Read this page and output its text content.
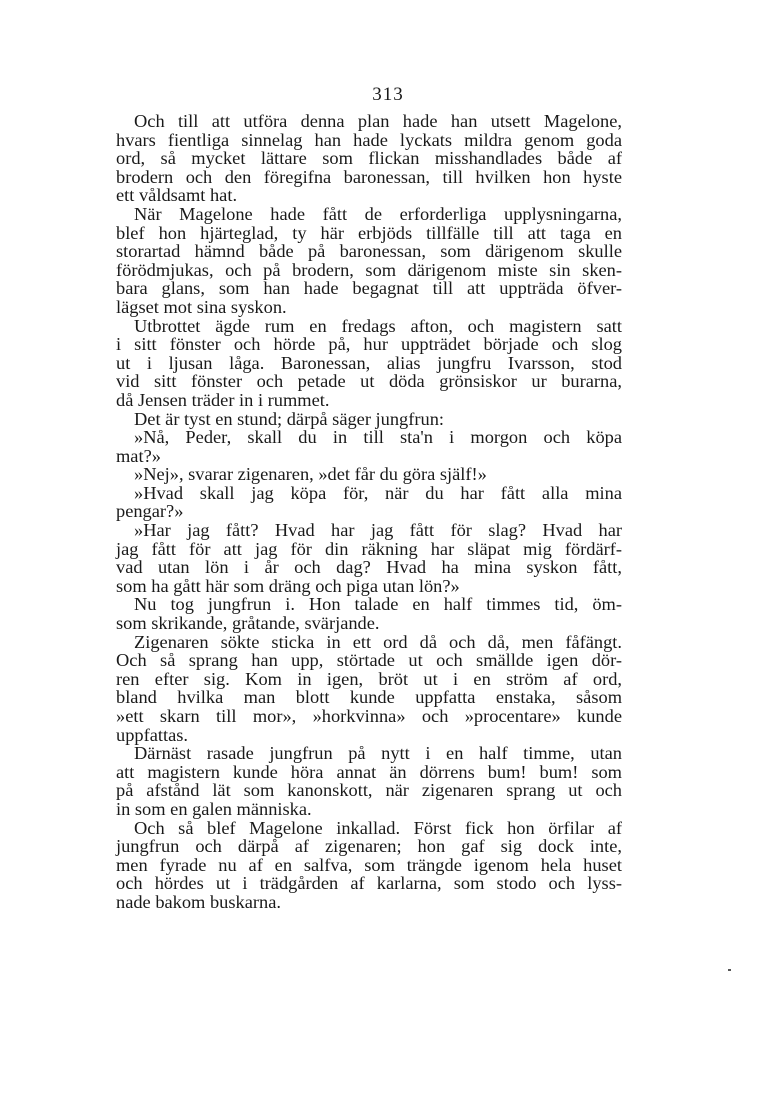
313
Och till att utföra denna plan hade han utsett Magelone,
hvars fientliga sinnelag han hade lyckats mildra genom goda
ord, så mycket lättare som flickan misshandlades både af
brodern och den föregifna baronessan, till hvilken hon hyste
ett våldsamt hat.
När Magelone hade fått de erforderliga upplysningarna,
blef hon hjärteglad, ty här erbjöds tillfälle till att taga en
storartad hämnd både på baronessan, som därigenom skulle
förödmjukas, och på brodern, som därigenom miste sin sken-
bara glans, som han hade begagnat till att uppträda öfver-
lägset mot sina syskon.
Utbrottet ägde rum en fredags afton, och magistern satt
i sitt fönster och hörde på, hur uppträdet började och slog
ut i ljusan låga. Baronessan, alias jungfru Ivarsson, stod
vid sitt fönster och petade ut döda grönsiskor ur burarna,
då Jensen träder in i rummet.
Det är tyst en stund; därpå säger jungfrun:
»Nå, Peder, skall du in till sta'n i morgon och köpa
mat?»
»Nej», svarar zigenaren, »det får du göra själf!»
»Hvad skall jag köpa för, när du har fått alla mina
pengar?»
»Har jag fått? Hvad har jag fått för slag? Hvad har
jag fått för att jag för din räkning har släpat mig fördärf-
vad utan lön i år och dag? Hvad ha mina syskon fått,
som ha gått här som dräng och piga utan lön?»
Nu tog jungfrun i. Hon talade en half timmes tid, öm-
som skrikande, gråtande, svärjande.
Zigenaren sökte sticka in ett ord då och då, men fåfängt.
Och så sprang han upp, störtade ut och smällde igen dör-
ren efter sig. Kom in igen, bröt ut i en ström af ord,
bland hvilka man blott kunde uppfatta enstaka, såsom
»ett skarn till mor», »horkvinna» och »procentare» kunde
uppfattas.
Därnäst rasade jungfrun på nytt i en half timme, utan
att magistern kunde höra annat än dörrens bum! bum! som
på afstånd lät som kanonskott, när zigenaren sprang ut och
in som en galen människa.
Och så blef Magelone inkallad. Först fick hon örfilar af
jungfrun och därpå af zigenaren; hon gaf sig dock inte,
men fyrade nu af en salfva, som trängde igenom hela huset
och hördes ut i trädgården af karlarna, som stodo och lyss-
nade bakom buskarna.
